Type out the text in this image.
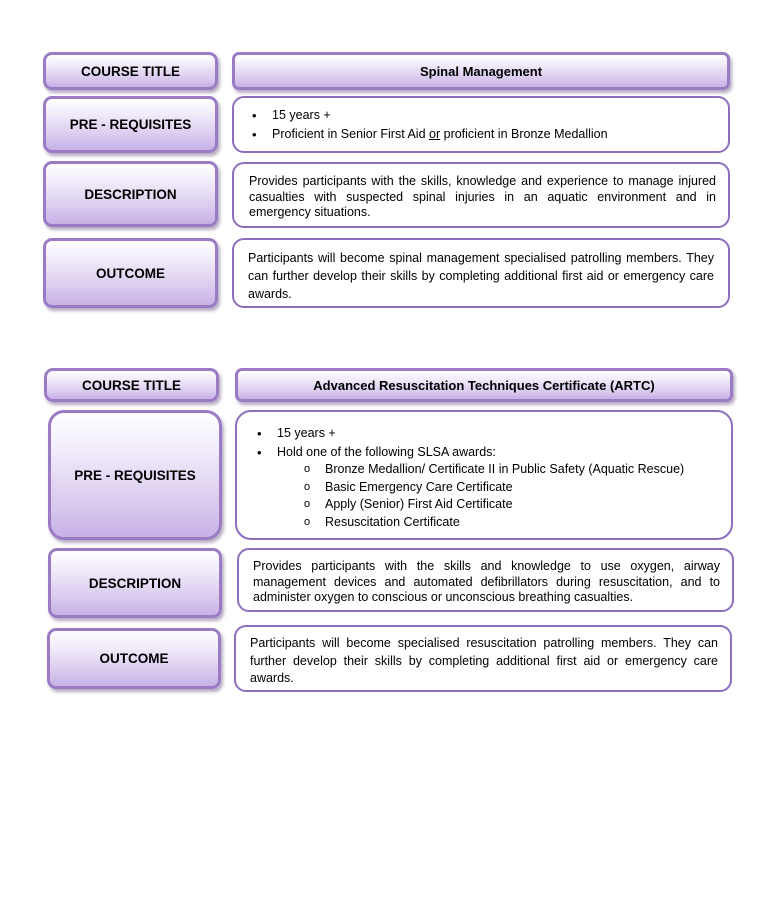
COURSE TITLE	Spinal Management
PRE - REQUISITES
• 15 years +
• Proficient in Senior First Aid or proficient in Bronze Medallion
DESCRIPTION
Provides participants with the skills, knowledge and experience to manage injured casualties with suspected spinal injuries in an aquatic environment and in emergency situations.
OUTCOME
Participants will become spinal management specialised patrolling members. They can further develop their skills by completing additional first aid or emergency care awards.
COURSE TITLE	Advanced Resuscitation Techniques Certificate (ARTC)
PRE - REQUISITES
• 15 years +
• Hold one of the following SLSA awards:
o Bronze Medallion/ Certificate II in Public Safety (Aquatic Rescue)
o Basic Emergency Care Certificate
o Apply (Senior) First Aid Certificate
o Resuscitation Certificate
DESCRIPTION
Provides participants with the skills and knowledge to use oxygen, airway management devices and automated defibrillators during resuscitation, and to administer oxygen to conscious or unconscious breathing casualties.
OUTCOME
Participants will become specialised resuscitation patrolling members. They can further develop their skills by completing additional first aid or emergency care awards.
